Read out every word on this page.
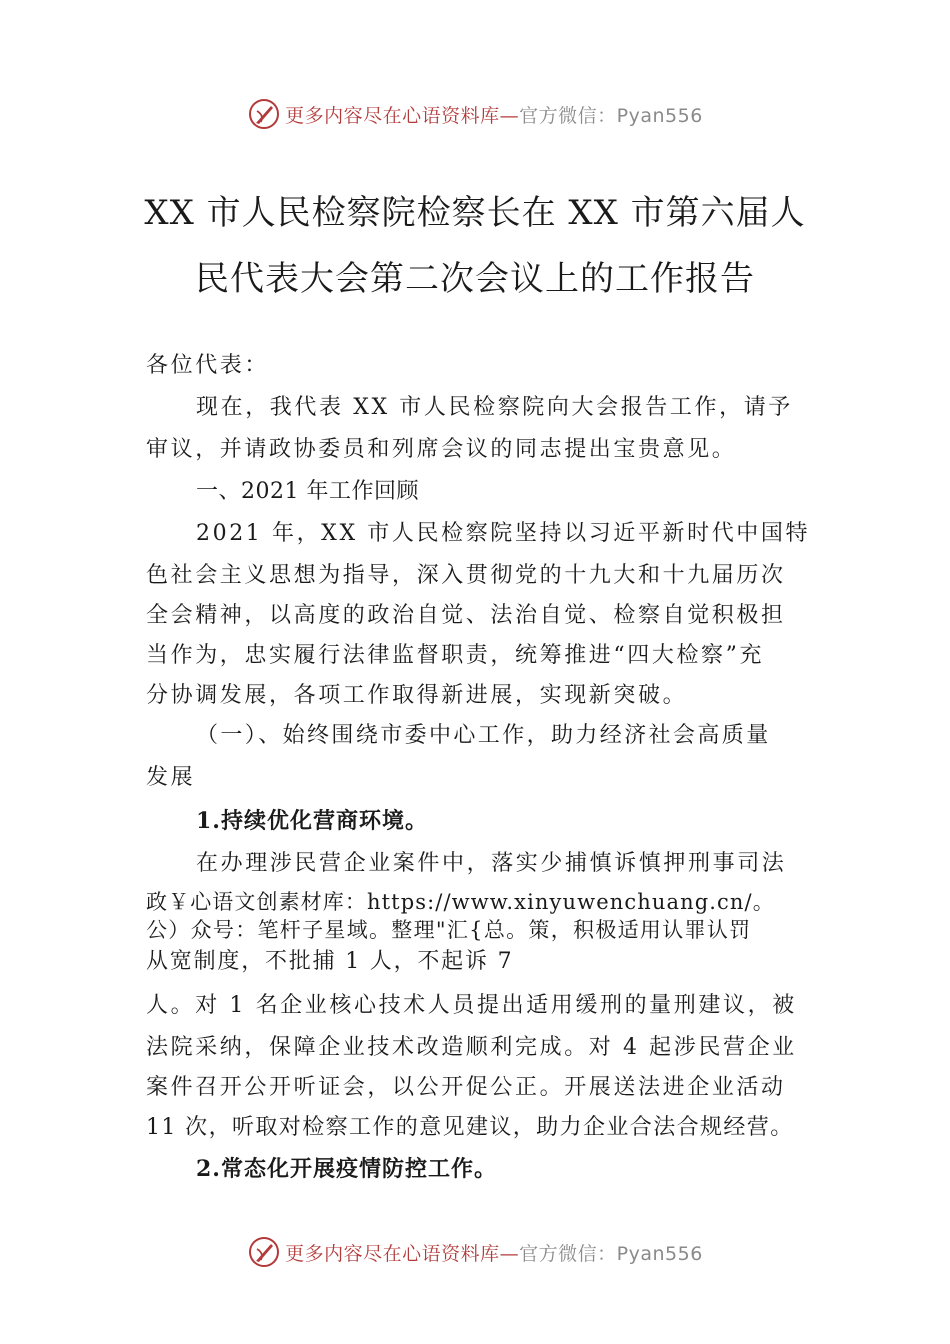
更多内容尽在心语资料库—官方微信：Pyan556
XX 市人民检察院检察长在 XX 市第六届人
民代表大会第二次会议上的工作报告
各位代表：
现在，我代表 XX 市人民检察院向大会报告工作，请予
审议，并请政协委员和列席会议的同志提出宝贵意见。
一、2021 年工作回顾
2021 年，XX 市人民检察院坚持以习近平新时代中国特
色社会主义思想为指导，深入贯彻党的十九大和十九届历次
全会精神，以高度的政治自觉、法治自觉、检察自觉积极担
当作为，忠实履行法律监督职责，统筹推进“四大检察”充
分协调发展，各项工作取得新进展，实现新突破。
（一）、始终围绕市委中心工作，助力经济社会高质量
发展
1.持续优化营商环境。
在办理涉民营企业案件中，落实少捕慎诉慎押刑事司法
政￥心语文创素材库：https://www.xinyuwenchuang.cn/。
公）众号：笔杆子星域。整理"汇{总。策，积极适用认罪认罚
从宽制度，不批捕 1 人，不起诉 7
人。对 1 名企业核心技术人员提出适用缓刑的量刑建议，被
法院采纳，保障企业技术改造顺利完成。对 4 起涉民营企业
案件召开公开听证会，以公开促公正。开展送法进企业活动
11 次，听取对检察工作的意见建议，助力企业合法合规经营。
2.常态化开展疫情防控工作。
更多内容尽在心语资料库—官方微信：Pyan556
